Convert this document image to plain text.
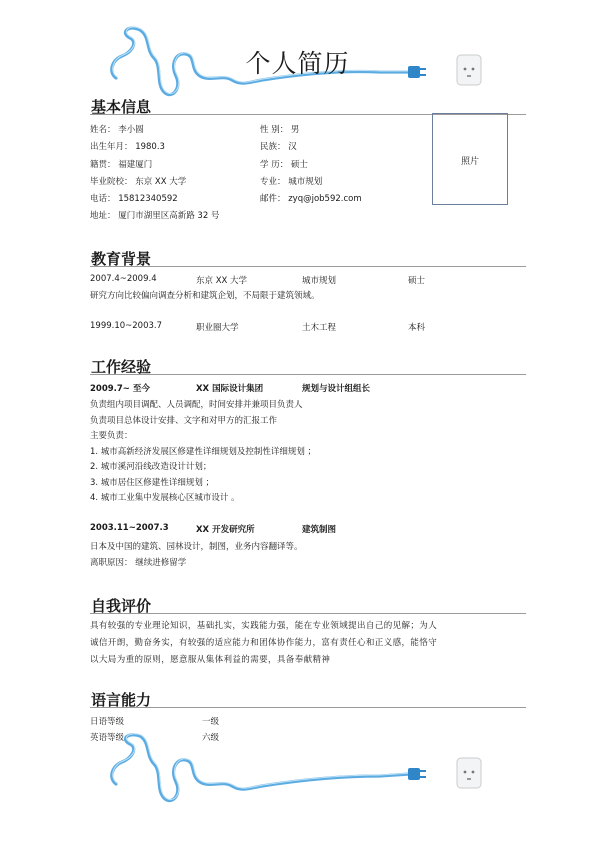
个人简历
基本信息
姓名： 李小圆
出生年月： 1980.3
籍贯： 福建厦门
毕业院校： 东京 XX 大学
电话： 15812340592
地址： 厦门市湖里区高新路 32 号
性 别： 男
民族： 汉
学 历： 硕士
专业： 城市规划
邮件： zyq@job592.com
照片
教育背景
2007.4~2009.4	东京 XX 大学	城市规划	硕士
研究方向比较偏向调查分析和建筑企划，不局限于建筑领域。
1999.10~2003.7	职业圈大学	土木工程	本科
工作经验
2009.7~ 至今	XX 国际设计集团	规划与设计组组长
负责组内项目调配、人员调配，时间安排并兼项目负责人
负责项目总体设计安排、文字和对甲方的汇报工作
主要负责：
1. 城市高新经济发展区修建性详细规划及控制性详细规划 ；
2. 城市溪河沿线改造设计计划；
3. 城市居住区修建性详细规划 ；
4. 城市工业集中发展核心区城市设计 。
2003.11~2007.3	XX 开发研究所	建筑制图
日本及中国的建筑、园林设计，制图，业务内容翻译等。
离职原因： 继续进修留学
自我评价
具有较强的专业理论知识，基础扎实，实践能力强，能在专业领域提出自己的见解；为人
诚信开朗，勤奋务实，有较强的适应能力和团体协作能力，富有责任心和正义感，能恪守
以大局为重的原则，愿意服从集体利益的需要，具备奉献精神
语言能力
日语等级	一级
英语等级	六级
